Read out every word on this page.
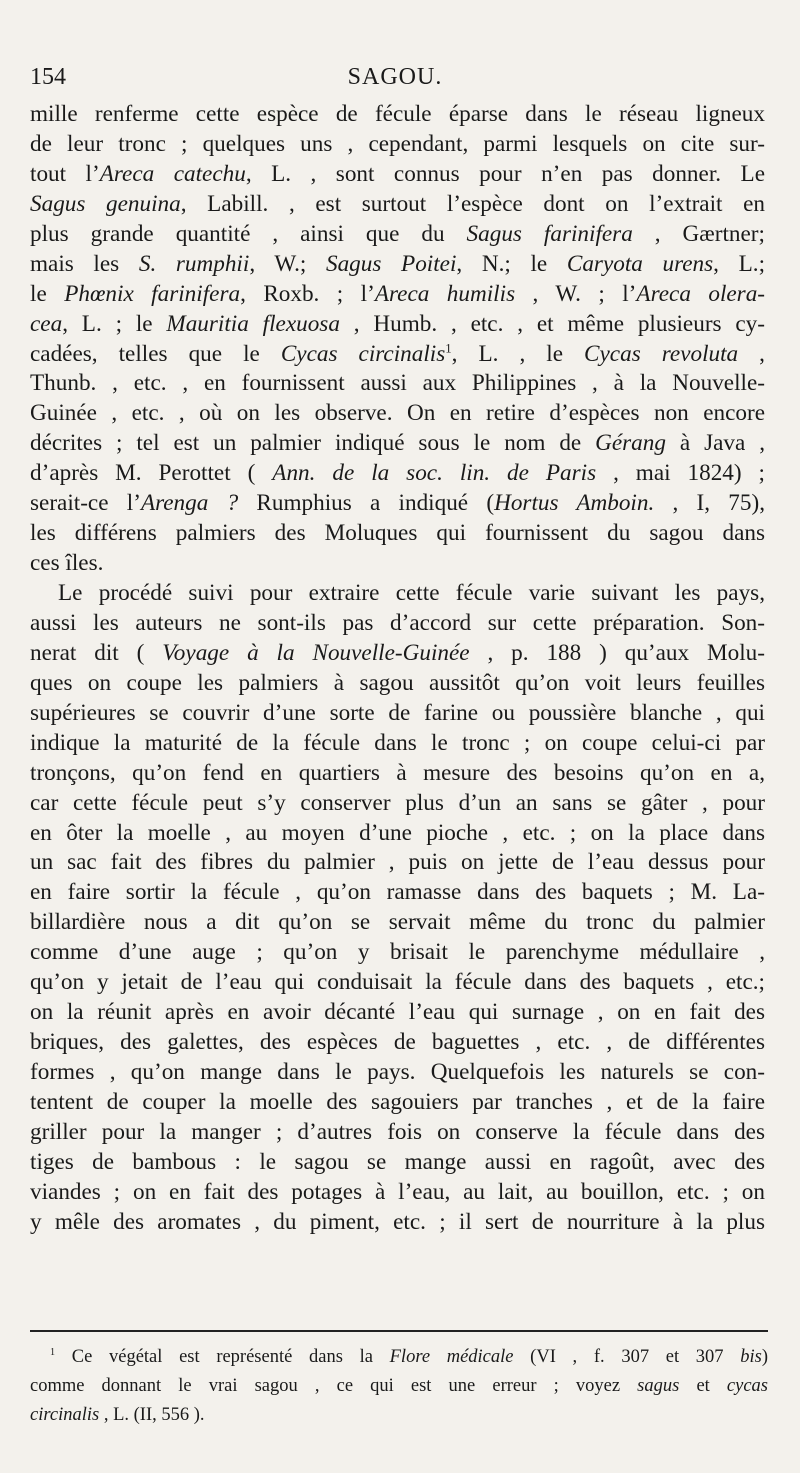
154	SAGOU.
mille renferme cette espèce de fécule éparse dans le réseau ligneux
de leur tronc ; quelques uns , cependant, parmi lesquels on cite sur-
tout l’Areca catechu, L. , sont connus pour n’en pas donner. Le
Sagus genuina, Labill. , est surtout l’espèce dont on l’extrait en
plus grande quantité , ainsi que du Sagus farinifera , Gærtner;
mais les S. rumphii, W.; Sagus Poitei, N.; le Caryota urens, L.;
le Phœnix farinifera, Roxb. ; l’Areca humilis , W. ; l’Areca olera-
cea, L. ; le Mauritia flexuosa , Humb. , etc. , et même plusieurs cy-
cadées, telles que le Cycas circinalis$^1$, L. , le Cycas revoluta ,
Thunb. , etc. , en fournissent aussi aux Philippines , à la Nouvelle-
Guinée , etc. , où on les observe. On en retire d’espèces non encore
décrites ; tel est un palmier indiqué sous le nom de Gérang à Java ,
d’après M. Perottet ( Ann. de la soc. lin. de Paris , mai 1824) ;
serait-ce l’Arenga ? Rumphius a indiqué (Hortus Amboin. , I, 75),
les différens palmiers des Moluques qui fournissent du sagou dans
ces îles.
Le procédé suivi pour extraire cette fécule varie suivant les pays,
aussi les auteurs ne sont-ils pas d’accord sur cette préparation. Son-
nerat dit ( Voyage à la Nouvelle-Guinée , p. 188 ) qu’aux Molu-
ques on coupe les palmiers à sagou aussitôt qu’on voit leurs feuilles
supérieures se couvrir d’une sorte de farine ou poussière blanche , qui
indique la maturité de la fécule dans le tronc ; on coupe celui-ci par
tronçons, qu’on fend en quartiers à mesure des besoins qu’on en a,
car cette fécule peut s’y conserver plus d’un an sans se gâter , pour
en ôter la moelle , au moyen d’une pioche , etc. ; on la place dans
un sac fait des fibres du palmier , puis on jette de l’eau dessus pour
en faire sortir la fécule , qu’on ramasse dans des baquets ; M. La-
billardière nous a dit qu’on se servait même du tronc du palmier
comme d’une auge ; qu’on y brisait le parenchyme médullaire ,
qu’on y jetait de l’eau qui conduisait la fécule dans des baquets , etc.;
on la réunit après en avoir décanté l’eau qui surnage , on en fait des
briques, des galettes, des espèces de baguettes , etc. , de différentes
formes , qu’on mange dans le pays. Quelquefois les naturels se con-
tentent de couper la moelle des sagouiers par tranches , et de la faire
griller pour la manger ; d’autres fois on conserve la fécule dans des
tiges de bambous : le sagou se mange aussi en ragoût, avec des
viandes ; on en fait des potages à l’eau, au lait, au bouillon, etc. ; on
y mêle des aromates , du piment, etc. ; il sert de nourriture à la plus
$^1$ Ce végétal est représenté dans la Flore médicale (VI , f. 307 et 307 bis)
comme donnant le vrai sagou , ce qui est une erreur ; voyez sagus et cycas
circinalis , L. (II, 556 ).
